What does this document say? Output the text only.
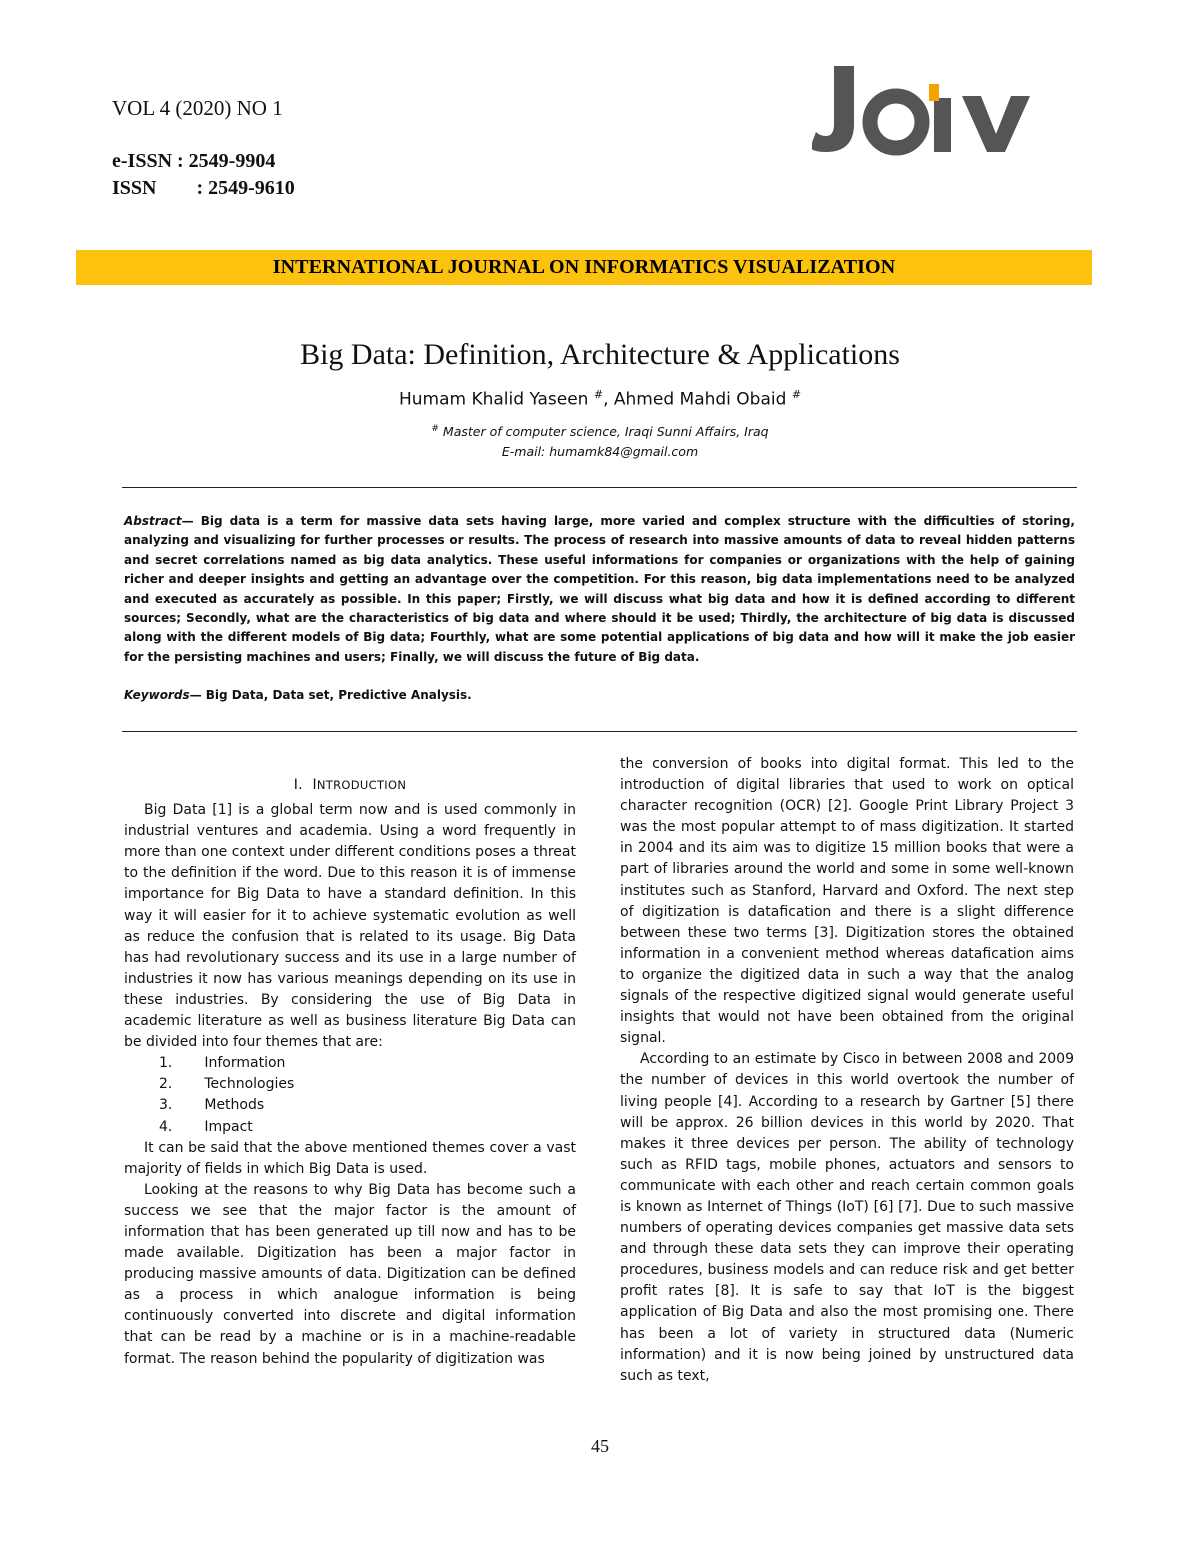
VOL 4 (2020) NO 1
e-ISSN : 2549-9904
ISSN : 2549-9610
INTERNATIONAL JOURNAL ON INFORMATICS VISUALIZATION
Big Data: Definition, Architecture & Applications
Humam Khalid Yaseen #, Ahmed Mahdi Obaid #
# Master of computer science, Iraqi Sunni Affairs, Iraq
E-mail: humamk84@gmail.com

Abstract— Big data is a term for massive data sets having large, more varied and complex structure with the difficulties of storing, analyzing and visualizing for further processes or results. The process of research into massive amounts of data to reveal hidden patterns and secret correlations named as big data analytics. These useful informations for companies or organizations with the help of gaining richer and deeper insights and getting an advantage over the competition. For this reason, big data implementations need to be analyzed and executed as accurately as possible. In this paper; Firstly, we will discuss what big data and how it is defined according to different sources; Secondly, what are the characteristics of big data and where should it be used; Thirdly, the architecture of big data is discussed along with the different models of Big data; Fourthly, what are some potential applications of big data and how will it make the job easier for the persisting machines and users; Finally, we will discuss the future of Big data.

Keywords— Big Data, Data set, Predictive Analysis.

I. INTRODUCTION

Big Data [1] is a global term now and is used commonly in industrial ventures and academia. Using a word frequently in more than one context under different conditions poses a threat to the definition if the word. Due to this reason it is of immense importance for Big Data to have a standard definition. In this way it will easier for it to achieve systematic evolution as well as reduce the confusion that is related to its usage. Big Data has had revolutionary success and its use in a large number of industries it now has various meanings depending on its use in these industries. By considering the use of Big Data in academic literature as well as business literature Big Data can be divided into four themes that are:

1. Information
2. Technologies
3. Methods
4. Impact

It can be said that the above mentioned themes cover a vast majority of fields in which Big Data is used.

Looking at the reasons to why Big Data has become such a success we see that the major factor is the amount of information that has been generated up till now and has to be made available. Digitization has been a major factor in producing massive amounts of data. Digitization can be defined as a process in which analogue information is being continuously converted into discrete and digital information that can be read by a machine or is in a machine-readable format. The reason behind the popularity of digitization was

the conversion of books into digital format. This led to the introduction of digital libraries that used to work on optical character recognition (OCR) [2]. Google Print Library Project 3 was the most popular attempt to of mass digitization. It started in 2004 and its aim was to digitize 15 million books that were a part of libraries around the world and some in some well-known institutes such as Stanford, Harvard and Oxford. The next step of digitization is datafication and there is a slight difference between these two terms [3]. Digitization stores the obtained information in a convenient method whereas datafication aims to organize the digitized data in such a way that the analog signals of the respective digitized signal would generate useful insights that would not have been obtained from the original signal.

According to an estimate by Cisco in between 2008 and 2009 the number of devices in this world overtook the number of living people [4]. According to a research by Gartner [5] there will be approx. 26 billion devices in this world by 2020. That makes it three devices per person. The ability of technology such as RFID tags, mobile phones, actuators and sensors to communicate with each other and reach certain common goals is known as Internet of Things (IoT) [6] [7]. Due to such massive numbers of operating devices companies get massive data sets and through these data sets they can improve their operating procedures, business models and can reduce risk and get better profit rates [8]. It is safe to say that IoT is the biggest application of Big Data and also the most promising one. There has been a lot of variety in structured data (Numeric information) and it is now being joined by unstructured data such as text,

45
